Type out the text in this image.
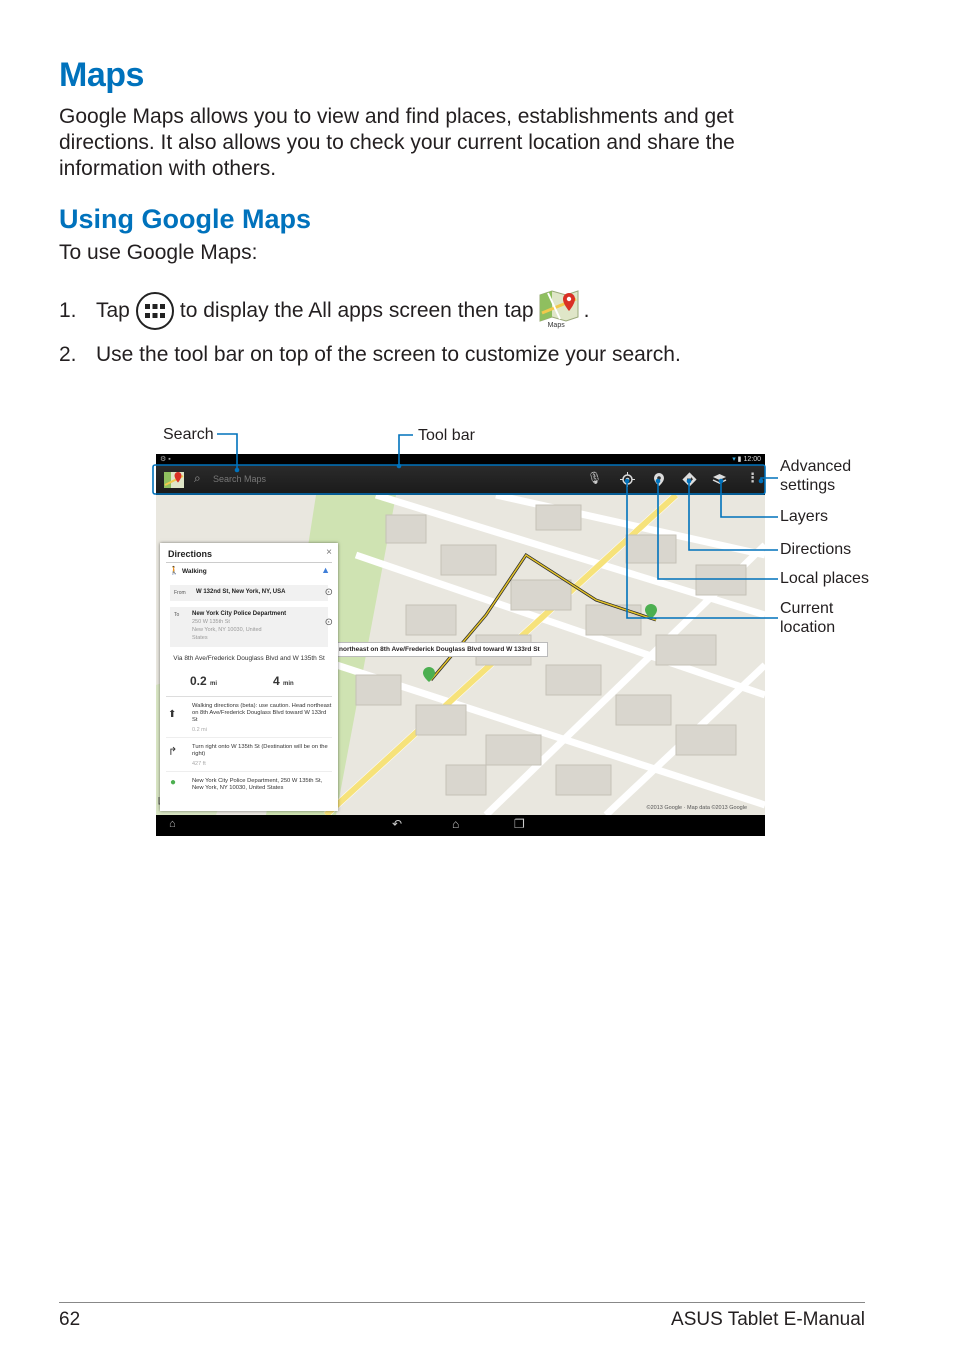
Maps

Google Maps allows you to view and find places, establishments and get directions. It also allows you to check your current location and share the information with others.

Using Google Maps

To use Google Maps:

1. Tap to display the All apps screen then tap
Maps
.
2. Use the tool bar on top of the screen to customize your search.
Search	Tool bar
Advanced
settings
Layers
Directions
Local places
Current
location
⚙ ▪	▾ ▮ 12:00
⌕ Search Maps	🎙	⋮
northeast on 8th Ave/Frederick Douglass Blvd toward W 133rd St
©2013 Google · Map data ©2013 Google
Directions	×
🚶 Walking	▲
From W 132nd St, New York, NY, USA	⊙
To New York City Police Department
250 W 135th St
New York, NY 10030, United
States
⊙
Via 8th Ave/Frederick Douglass Blvd and W 135th St
0.2 mi	4 min
⬆
Walking directions (beta): use caution. Head northeast on 8th Ave/Frederick Douglass Blvd toward W 133rd St
0.2 mi
↱	Turn right onto W 135th St (Destination will be on the right)
427 ft
●	New York City Police Department, 250 W 135th St, New York, NY 10030, United States
⌂	↶	⌂	❐
62	ASUS Tablet E-Manual
